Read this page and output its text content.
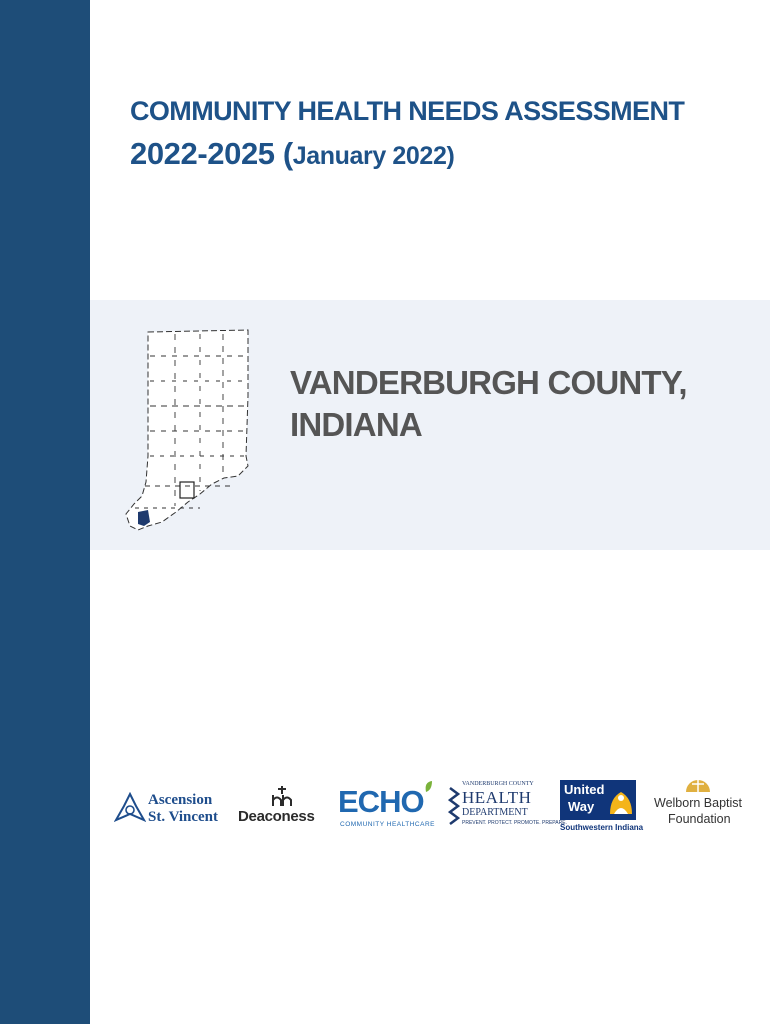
COMMUNITY HEALTH NEEDS ASSESSMENT
2022-2025 (January 2022)
VANDERBURGH COUNTY,
INDIANA
Ascension
St. Vincent Deaconess ECHO
COMMUNITY HEALTHCARE
VANDERBURGH COUNTY
HEALTH
DEPARTMENT
PREVENT. PROTECT. PROMOTE. PREPARE.
United
Way
Southwestern Indiana
Welborn Baptist
Foundation
